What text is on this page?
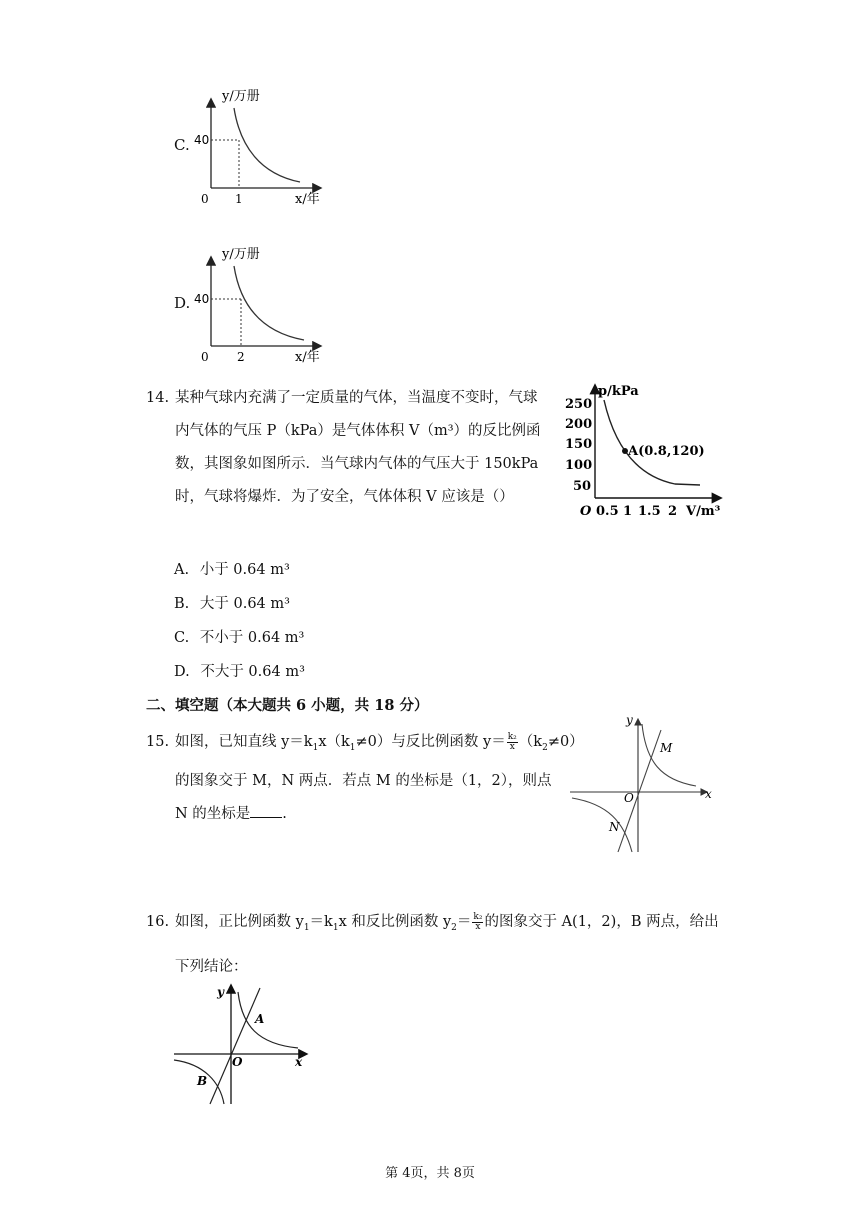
C.
y/万册
x/年
0
40
1
D.
y/万册
x/年
0
40
2
14. 某种气球内充满了一定质量的气体，当温度不变时，气球
内气体的气压 P（kPa）是气体体积 V（m³）的反比例函
数，其图象如图所示．当气球内气体的气压大于 150kPa
时，气球将爆炸．为了安全，气体体积 V 应该是（）
p/kPa
V/m³
O
250
200
150
100
50
0.5 1 1.5 2
A(0.8,120)
A. 小于 0.64 m³
B. 大于 0.64 m³
C. 不小于 0.64 m³
D. 不大于 0.64 m³
二、填空题（本大题共 6 小题，共 18 分）
15. 如图，已知直线 $y=k_1x(k_1\ne 0)$与反比例函数 $y= \frac{\text{k₂}}{x} (k_2\ne 0)$
的图象交于 M，N 两点．若点 M 的坐标是（1，2），则点
N 的坐标是 .
y
x
O
M
N
16. 如图，正比例函数 $y_1=k_1x$ 和反比例函数 $y_2= \frac{\text{k₂}}{x}$ 的图象交于 A(1，2)，B 两点，给出
下列结论：
y
x
O
A
B
第 4页，共 8页
